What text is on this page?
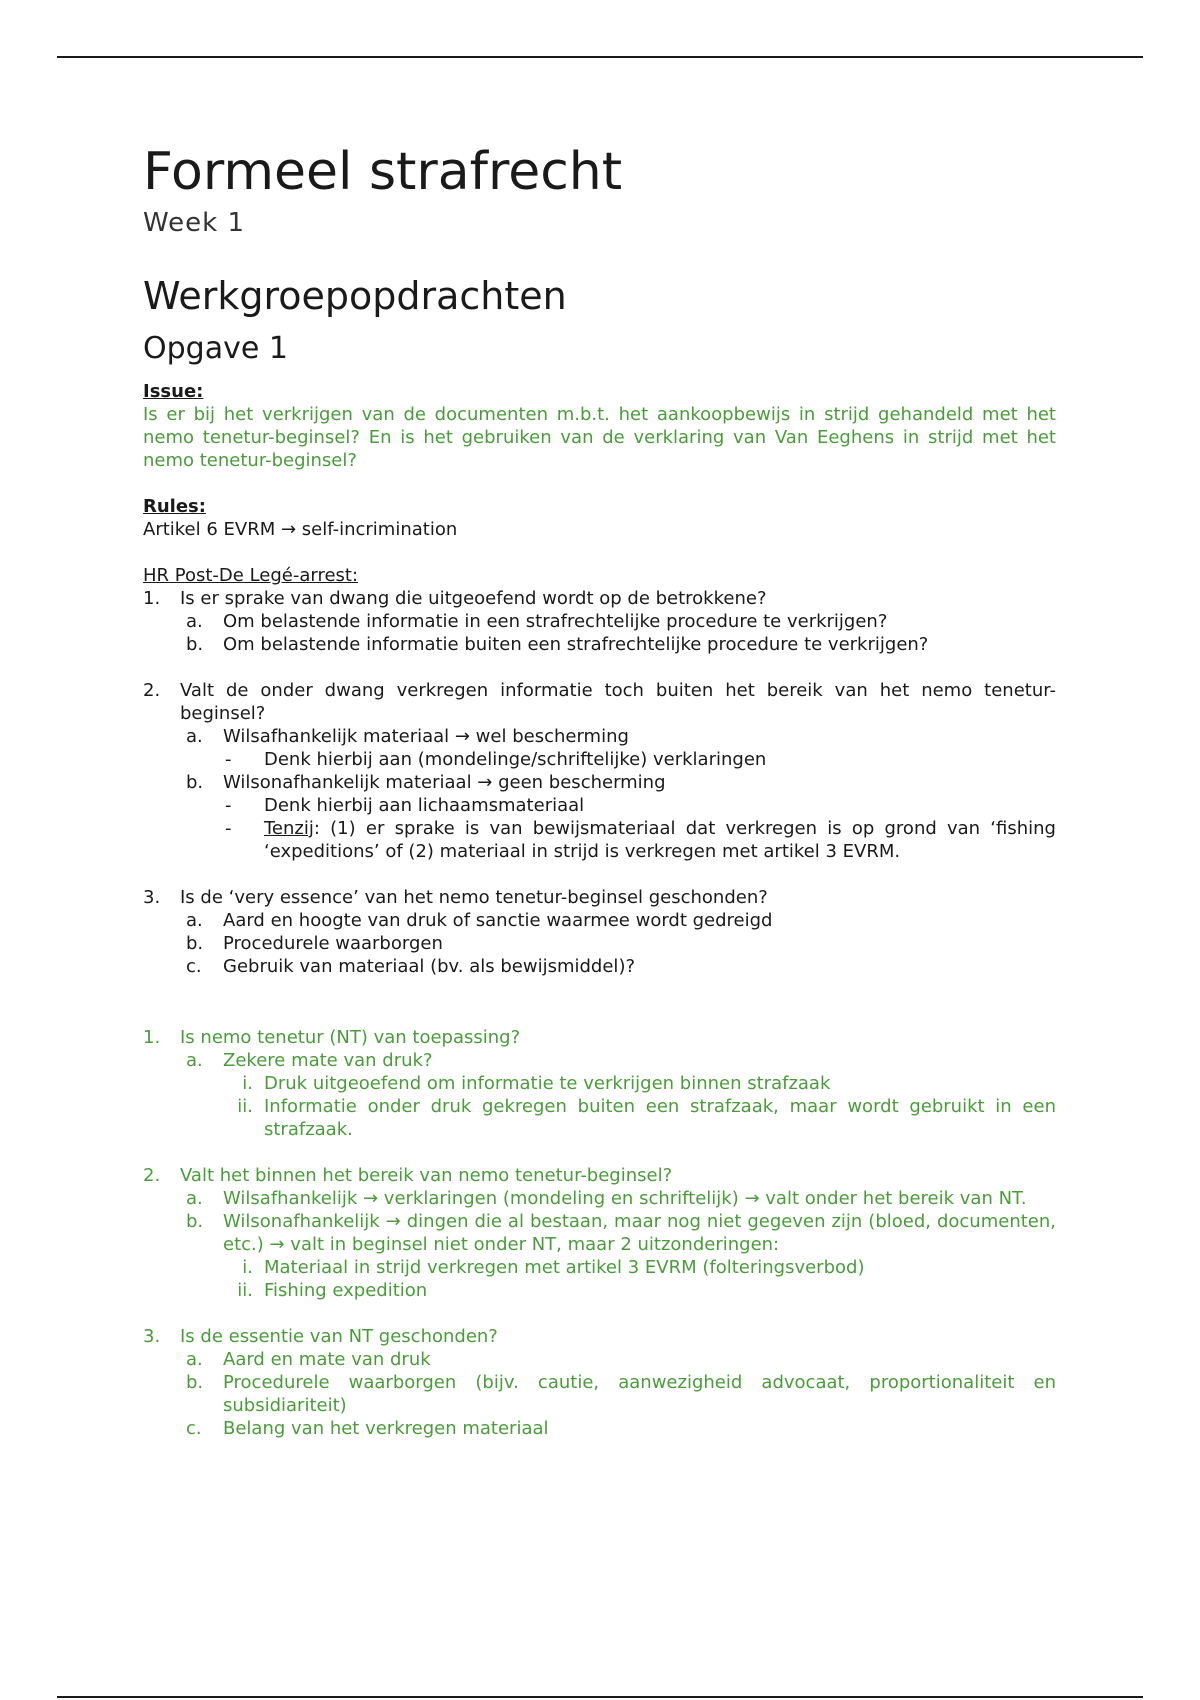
Formeel strafrecht
Week 1
Werkgroepopdrachten
Opgave 1
Issue:
Is er bij het verkrijgen van de documenten m.b.t. het aankoopbewijs in strijd gehandeld met het nemo tenetur-beginsel? En is het gebruiken van de verklaring van Van Eeghens in strijd met het nemo tenetur-beginsel?
Rules:
Artikel 6 EVRM → self-incrimination
HR Post-De Legé-arrest:
1.	Is er sprake van dwang die uitgeoefend wordt op de betrokkene?
a.	Om belastende informatie in een strafrechtelijke procedure te verkrijgen?
b.	Om belastende informatie buiten een strafrechtelijke procedure te verkrijgen?
2.	Valt de onder dwang verkregen informatie toch buiten het bereik van het nemo tenetur-beginsel?
a.	Wilsafhankelijk materiaal → wel bescherming
-	Denk hierbij aan (mondelinge/schriftelijke) verklaringen
b.	Wilsonafhankelijk materiaal → geen bescherming
-	Denk hierbij aan lichaamsmateriaal
-	Tenzij: (1) er sprake is van bewijsmateriaal dat verkregen is op grond van ‘fishing ‘expeditions’ of (2) materiaal in strijd is verkregen met artikel 3 EVRM.
3.	Is de ‘very essence’ van het nemo tenetur-beginsel geschonden?
a.	Aard en hoogte van druk of sanctie waarmee wordt gedreigd
b.	Procedurele waarborgen
c.	Gebruik van materiaal (bv. als bewijsmiddel)?
1.	Is nemo tenetur (NT) van toepassing?
a.	Zekere mate van druk?
i. Druk uitgeoefend om informatie te verkrijgen binnen strafzaak
ii. Informatie onder druk gekregen buiten een strafzaak, maar wordt gebruikt in een strafzaak.
2.	Valt het binnen het bereik van nemo tenetur-beginsel?
a.	Wilsafhankelijk → verklaringen (mondeling en schriftelijk) → valt onder het bereik van NT.
b.	Wilsonafhankelijk → dingen die al bestaan, maar nog niet gegeven zijn (bloed, documenten, etc.) → valt in beginsel niet onder NT, maar 2 uitzonderingen:
i. Materiaal in strijd verkregen met artikel 3 EVRM (folteringsverbod)
ii. Fishing expedition
3.	Is de essentie van NT geschonden?
a.	Aard en mate van druk
b.	Procedurele waarborgen (bijv. cautie, aanwezigheid advocaat, proportionaliteit en subsidiariteit)
c.	Belang van het verkregen materiaal
